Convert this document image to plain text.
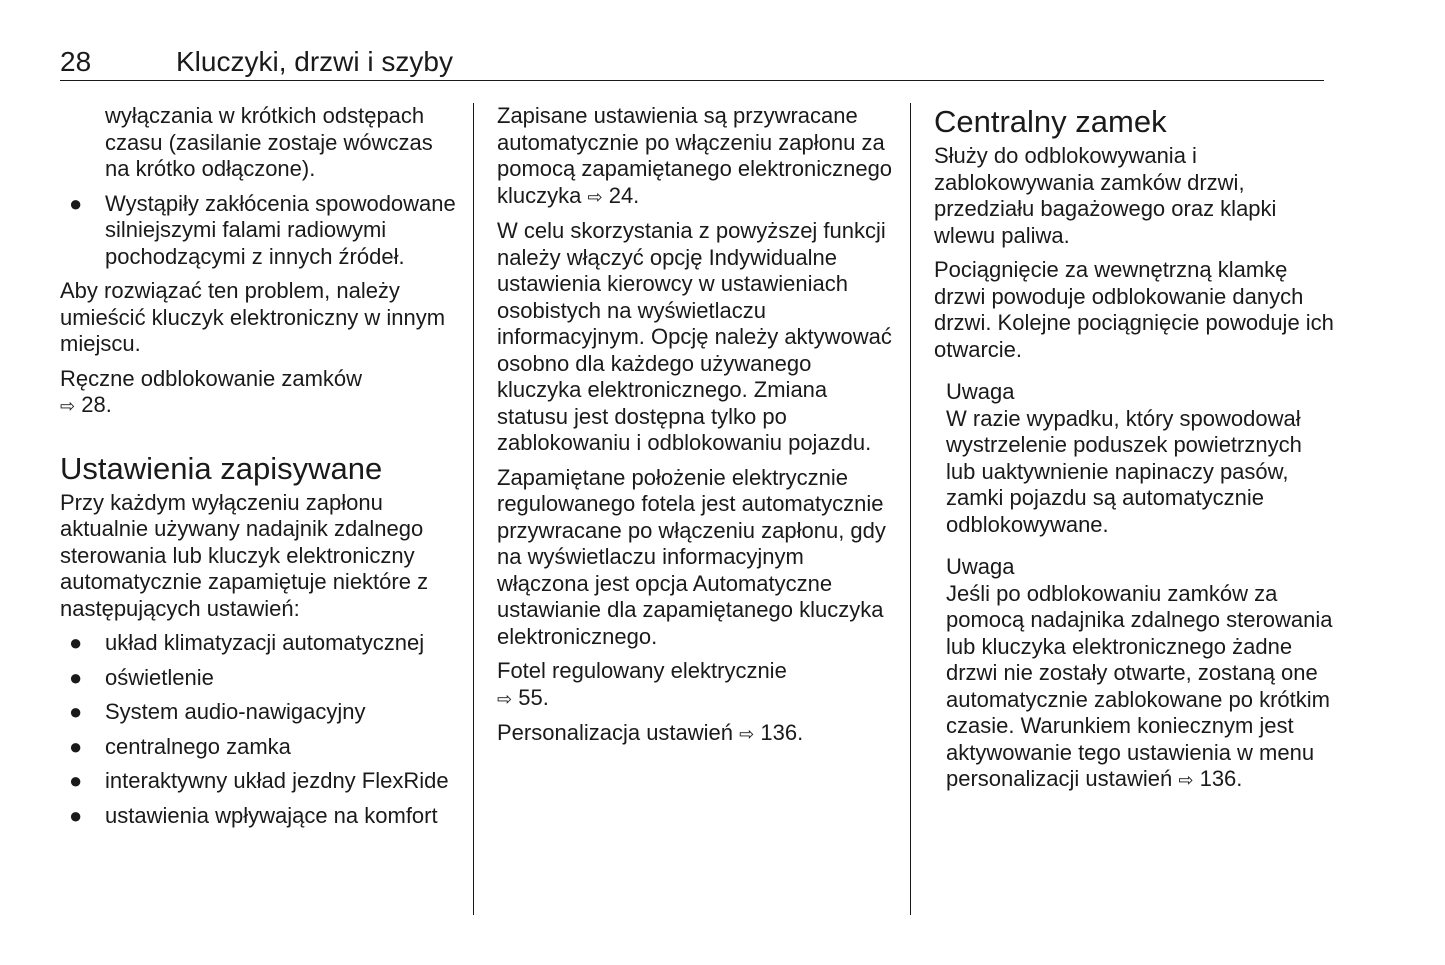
28	Kluczyki, drzwi i szyby

wyłączania w krótkich odstępach czasu (zasilanie zostaje wówczas na krótko odłączone).

● Wystąpiły zakłócenia spowodowane silniejszymi falami radiowymi pochodzącymi z innych źródeł.

Aby rozwiązać ten problem, należy umieścić kluczyk elektroniczny w innym miejscu.

Ręczne odblokowanie zamków
⇨ 28.

Ustawienia zapisywane

Przy każdym wyłączeniu zapłonu aktualnie używany nadajnik zdalnego sterowania lub kluczyk elektroniczny automatycznie zapamiętuje niektóre z następujących ustawień:

● układ klimatyzacji automatycznej
● oświetlenie
● System audio-nawigacyjny
● centralnego zamka
● interaktywny układ jezdny FlexRide
● ustawienia wpływające na komfort

Zapisane ustawienia są przywracane automatycznie po włączeniu zapłonu za pomocą zapamiętanego elektronicznego kluczyka ⇨ 24.

W celu skorzystania z powyższej funkcji należy włączyć opcję Indywidualne ustawienia kierowcy w ustawieniach osobistych na wyświetlaczu informacyjnym. Opcję należy aktywować osobno dla każdego używanego kluczyka elektronicznego. Zmiana statusu jest dostępna tylko po zablokowaniu i odblokowaniu pojazdu.

Zapamiętane położenie elektrycznie regulowanego fotela jest automatycznie przywracane po włączeniu zapłonu, gdy na wyświetlaczu informacyjnym włączona jest opcja Automatyczne ustawianie dla zapamiętanego kluczyka elektronicznego.

Fotel regulowany elektrycznie
⇨ 55.

Personalizacja ustawień ⇨ 136.

Centralny zamek

Służy do odblokowywania i zablokowywania zamków drzwi, przedziału bagażowego oraz klapki wlewu paliwa.

Pociągnięcie za wewnętrzną klamkę drzwi powoduje odblokowanie danych drzwi. Kolejne pociągnięcie powoduje ich otwarcie.

Uwaga
W razie wypadku, który spowodował wystrzelenie poduszek powietrznych lub uaktywnienie napinaczy pasów, zamki pojazdu są automatycznie odblokowywane.
Uwaga
Jeśli po odblokowaniu zamków za pomocą nadajnika zdalnego sterowania lub kluczyka elektronicznego żadne drzwi nie zostały otwarte, zostaną one automatycznie zablokowane po krótkim czasie. Warunkiem koniecznym jest aktywowanie tego ustawienia w menu personalizacji ustawień ⇨ 136.
